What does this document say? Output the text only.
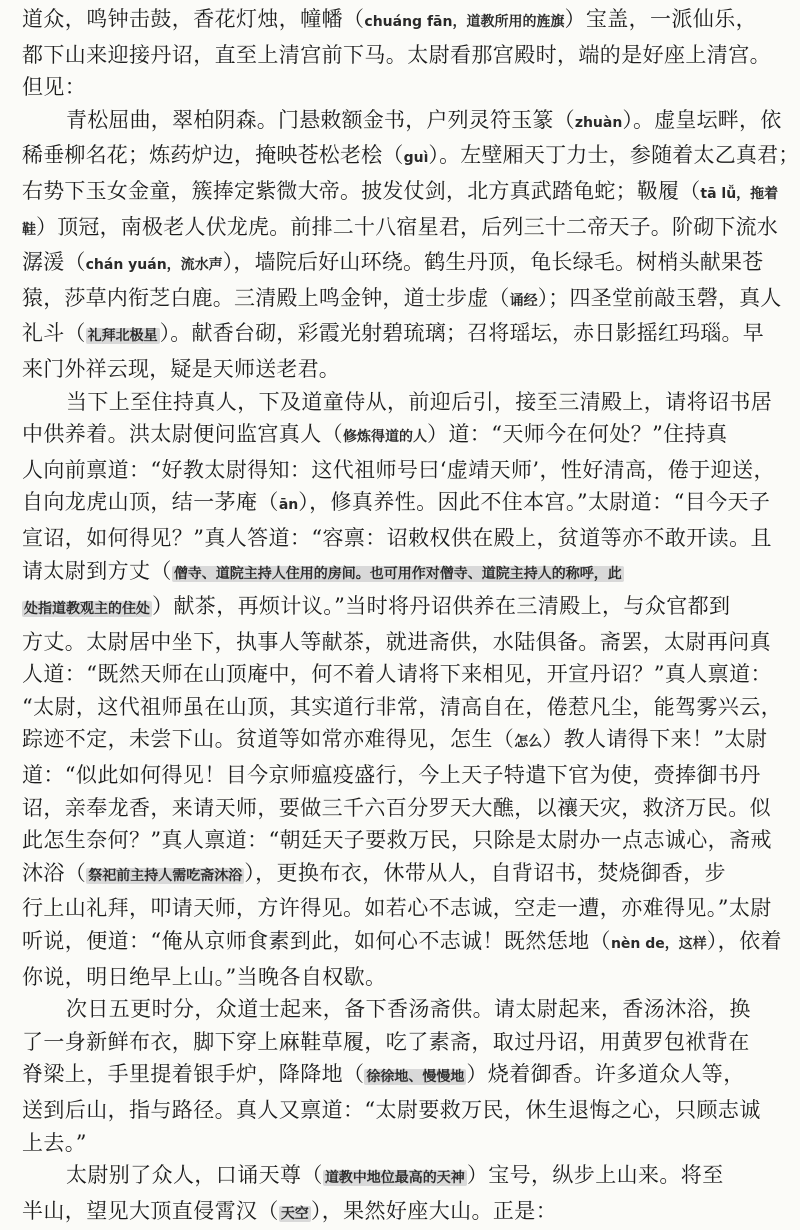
道众，鸣钟击鼓，香花灯烛，幢幡（chuáng fān，道教所用的旌旗）宝盖，一派仙乐，
都下山来迎接丹诏，直至上清宫前下马。太尉看那宫殿时，端的是好座上清宫。
但见：
青松屈曲，翠柏阴森。门悬敕额金书，户列灵符玉篆（zhuàn）。虚皇坛畔，依
稀垂柳名花；炼药炉边，掩映苍松老桧（guì）。左壁厢天丁力士，参随着太乙真君；
右势下玉女金童，簇捧定紫微大帝。披发仗剑，北方真武踏龟蛇；靸履（tā lǚ，拖着
鞋）顶冠，南极老人伏龙虎。前排二十八宿星君，后列三十二帝天子。阶砌下流水
潺湲（chán yuán，流水声），墙院后好山环绕。鹤生丹顶，龟长绿毛。树梢头献果苍
猿，莎草内衔芝白鹿。三清殿上鸣金钟，道士步虚（诵经）；四圣堂前敲玉磬，真人
礼斗（ 礼拜北极星）。献香台砌，彩霞光射碧琉璃；召将瑶坛，赤日影摇红玛瑙。早
来门外祥云现，疑是天师送老君。
当下上至住持真人，下及道童侍从，前迎后引，接至三清殿上，请将诏书居
中供养着。洪太尉便问监宫真人（修炼得道的人）道：“天师今在何处？”住持真
人向前禀道：“好教太尉得知：这代祖师号曰‘虚靖天师’，性好清高，倦于迎送，
自向龙虎山顶，结一茅庵（ān），修真养性。因此不住本宫。”太尉道：“目今天子
宣诏，如何得见？”真人答道：“容禀：诏敕权供在殿上，贫道等亦不敢开读。且
请太尉到方丈（ 僧寺、道院主持人住用的房间。也可用作对僧寺、道院主持人的称呼，此
处指道教观主的住处）献茶，再烦计议。”当时将丹诏供养在三清殿上，与众官都到
方丈。太尉居中坐下，执事人等献茶，就进斋供，水陆俱备。斋罢，太尉再问真
人道：“既然天师在山顶庵中，何不着人请将下来相见，开宣丹诏？”真人禀道：
“太尉，这代祖师虽在山顶，其实道行非常，清高自在，倦惹凡尘，能驾雾兴云，
踪迹不定，未尝下山。贫道等如常亦难得见，怎生（怎么）教人请得下来！”太尉
道：“似此如何得见！目今京师瘟疫盛行，今上天子特遣下官为使，赍捧御书丹
诏，亲奉龙香，来请天师，要做三千六百分罗天大醮，以禳天灾，救济万民。似
此怎生奈何？”真人禀道：“朝廷天子要救万民，只除是太尉办一点志诚心，斋戒
沐浴（ 祭祀前主持人需吃斋沐浴），更换布衣，休带从人，自背诏书，焚烧御香，步
行上山礼拜，叩请天师，方许得见。如若心不志诚，空走一遭，亦难得见。”太尉
听说，便道：“俺从京师食素到此，如何心不志诚！既然恁地（nèn de，这样），依着
你说，明日绝早上山。”当晚各自权歇。
次日五更时分，众道士起来，备下香汤斋供。请太尉起来，香汤沐浴，换
了一身新鲜布衣，脚下穿上麻鞋草履，吃了素斋，取过丹诏，用黄罗包袱背在
脊梁上，手里提着银手炉，降降地（ 徐徐地、慢慢地）烧着御香。许多道众人等，
送到后山，指与路径。真人又禀道：“太尉要救万民，休生退悔之心，只顾志诚
上去。”
太尉别了众人，口诵天尊（ 道教中地位最高的天神）宝号，纵步上山来。将至
半山，望见大顶直侵霄汉（ 天空），果然好座大山。正是：
